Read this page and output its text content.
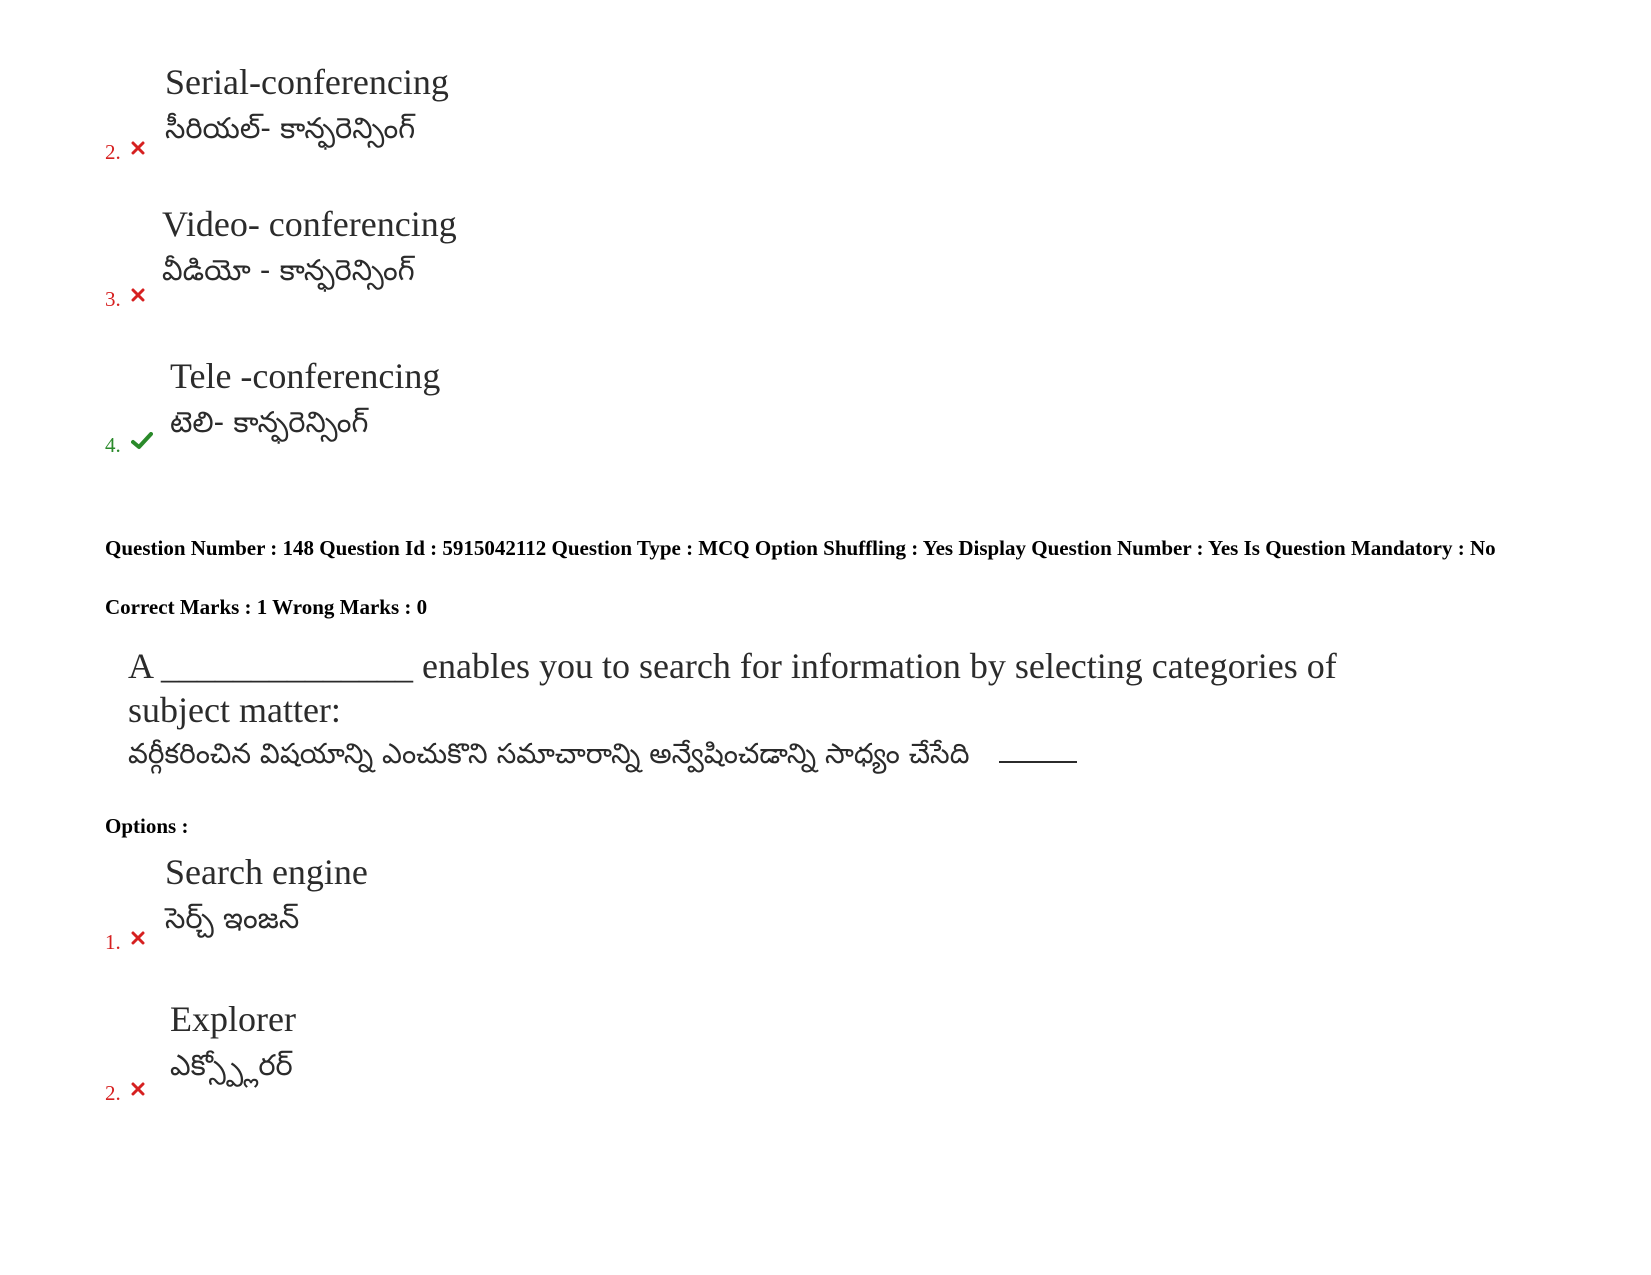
Serial-conferencing
సీరియల్- కాన్ఫరెన్సింగ్
2.
Video- conferencing
వీడియో - కాన్ఫరెన్సింగ్
3.
Tele -conferencing
టెలి- కాన్ఫరెన్సింగ్
4.
Question Number : 148 Question Id : 5915042112 Question Type : MCQ Option Shuffling : Yes Display Question Number : Yes Is Question Mandatory : No
Correct Marks : 1 Wrong Marks : 0
A ______________ enables you to search for information by selecting categories of subject matter:
వర్గీకరించిన విషయాన్ని ఎంచుకొని సమాచారాన్ని అన్వేషించడాన్ని సాధ్యం చేసేది
Options :
Search engine
సెర్చ్ ఇంజన్
1.
Explorer
ఎక్స్ప్లోరర్
2.
